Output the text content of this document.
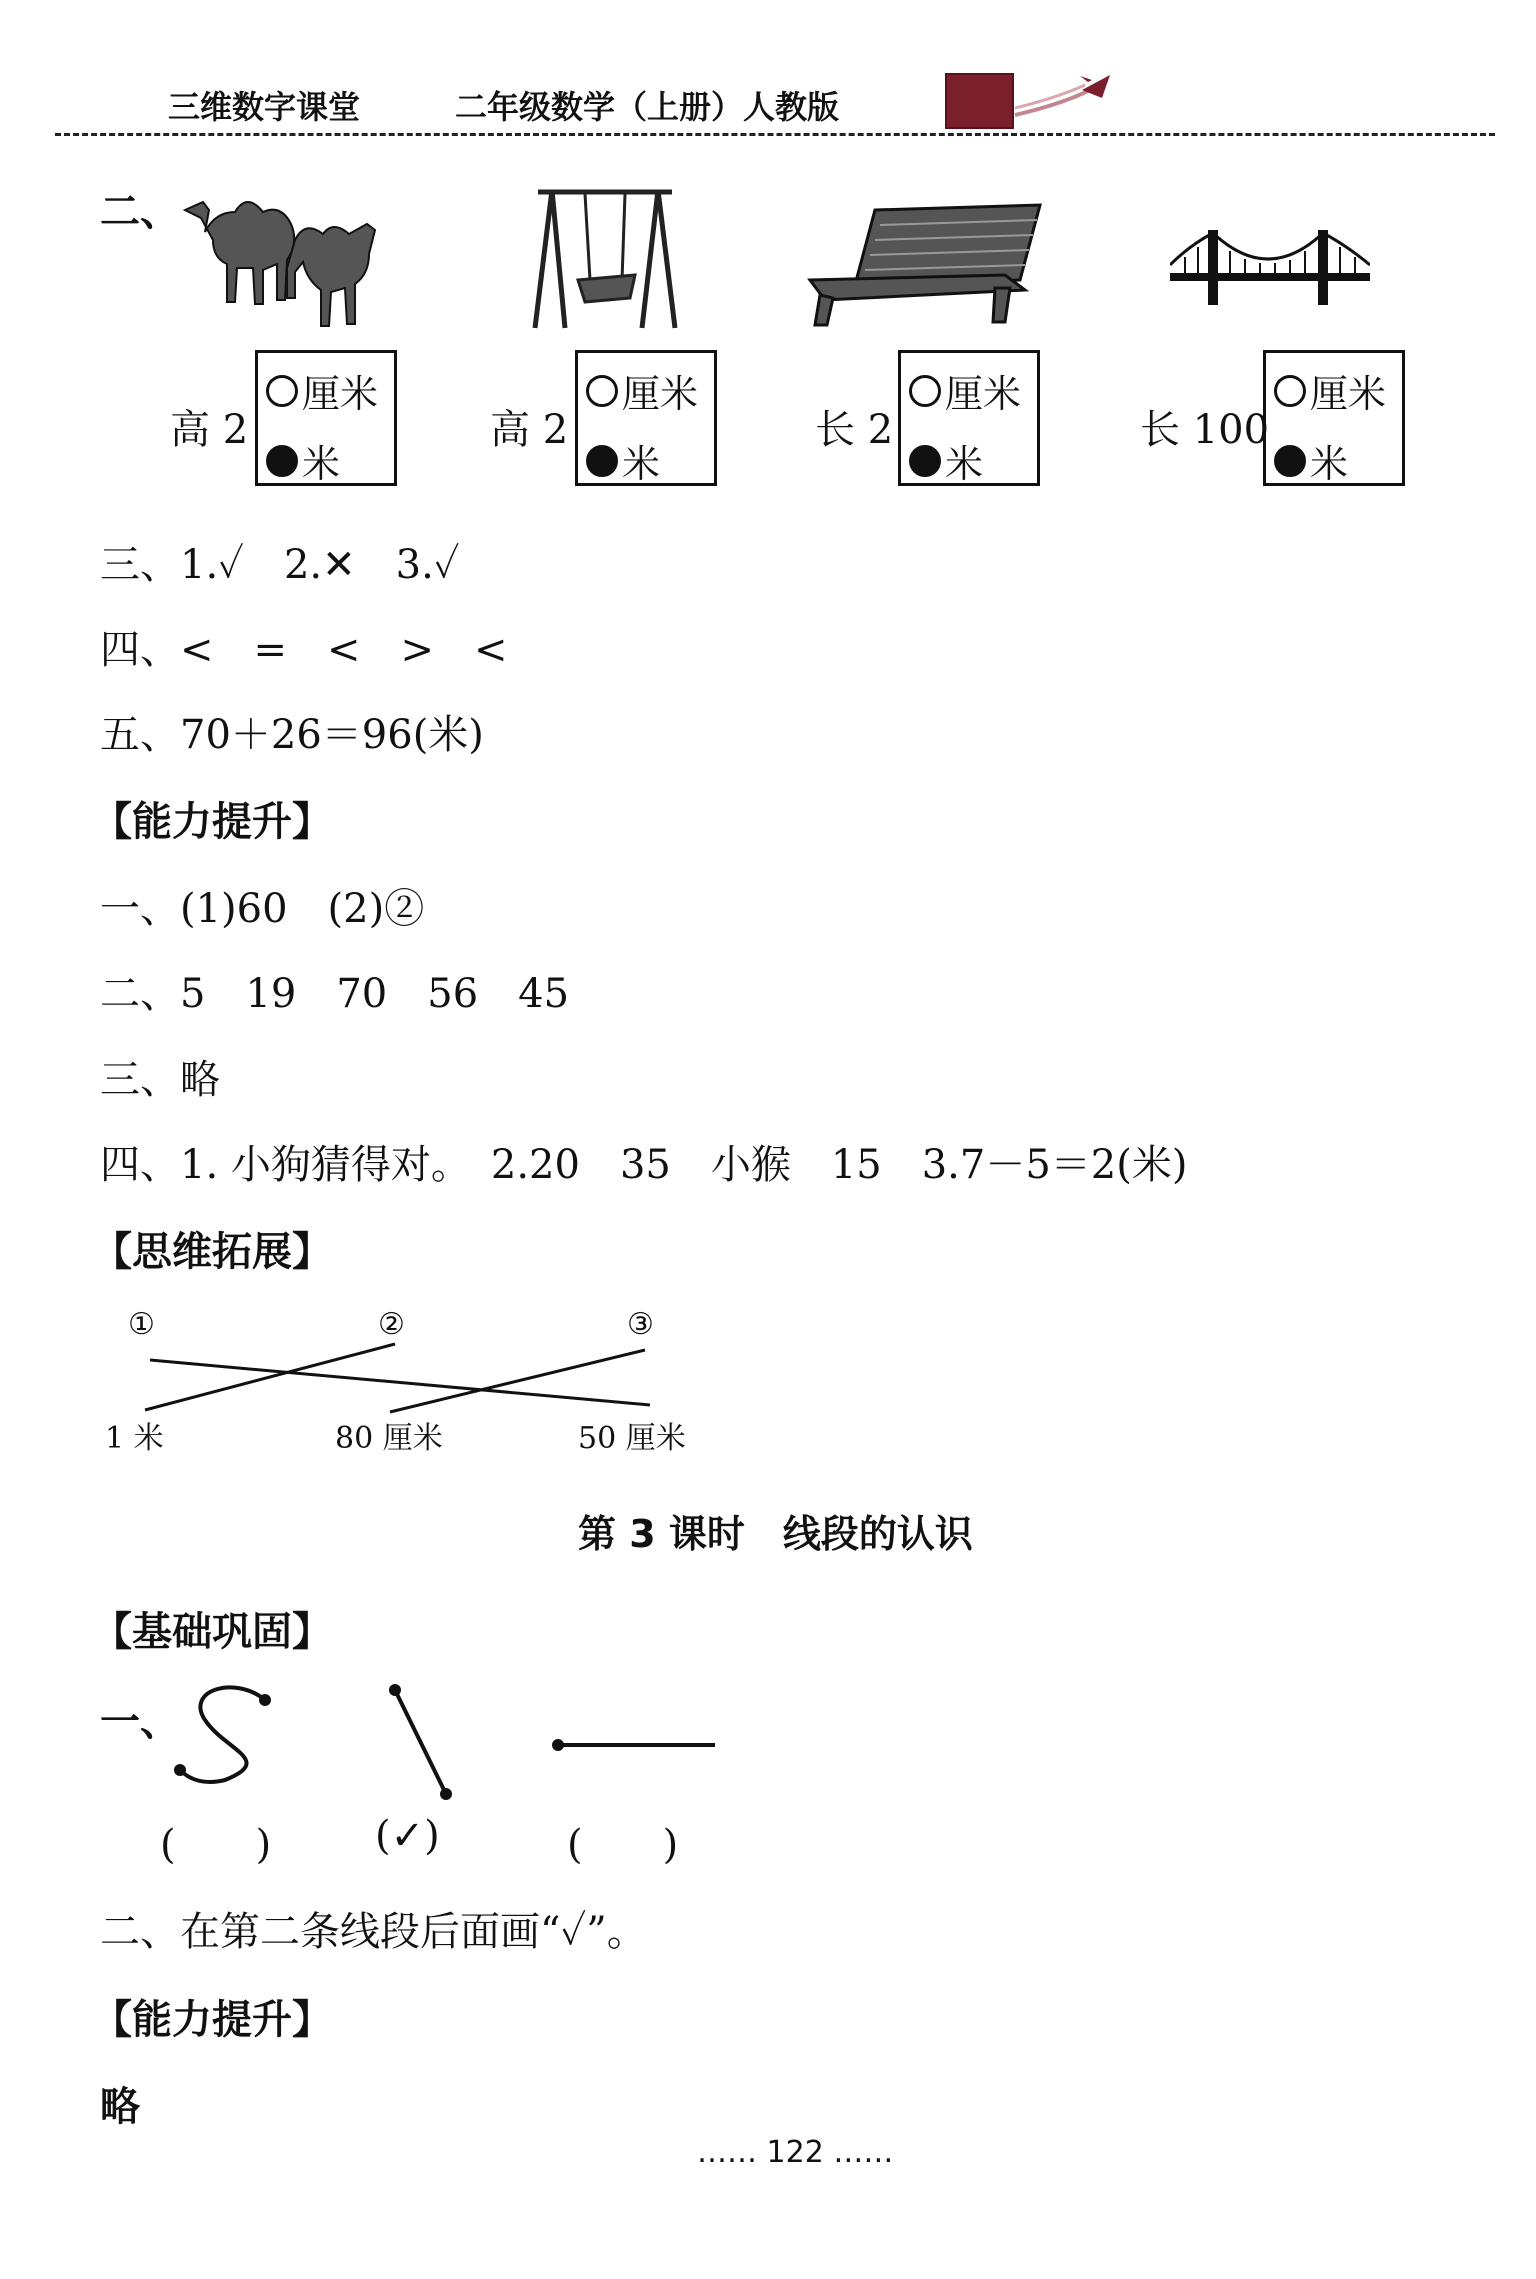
三维数字课堂	二年级数学（上册）人教版
二、
高 2
厘米
米
高 2
厘米
米
长 2
厘米
米
长 100
厘米
米
三、1.✓　2.✕　3.✓
四、<　=　<　>　<
五、70＋26＝96(米)
【能力提升】
一、(1)60　(2)②
二、5　19　70　56　45
三、略
四、1. 小狗猜得对。　2.20　35　小猴　15　3.7－5＝2(米)
【思维拓展】
①	②	③
1 米	80 厘米	50 厘米
第 3 课时　线段的认识
【基础巩固】
一、
(　　)	(✓)	(　　)
二、在第二条线段后面画“✓”。
【能力提升】
略
…… 122 ……
